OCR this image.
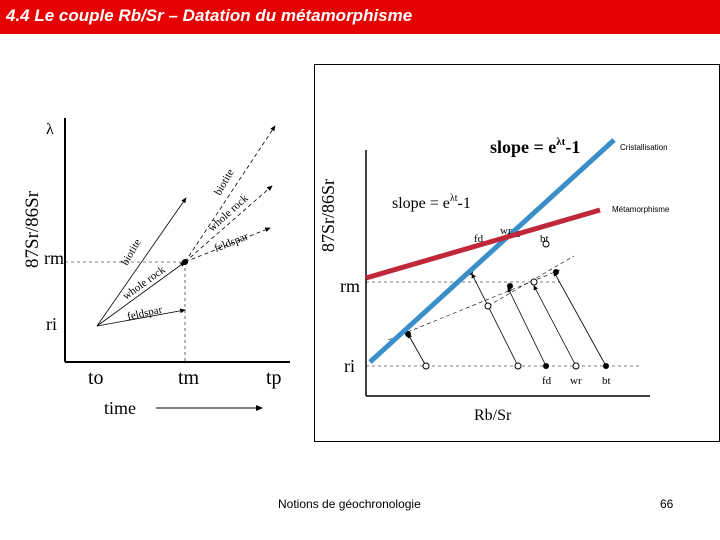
4.4 Le couple Rb/Sr – Datation du métamorphisme
87Sr/86Sr
λ
rm
ri
to	tm	tp
time
biotite
whole rock
feldspar
biotite
whole rock
feldspar	87Sr/86Sr
Rb/Sr
rm
ri
slope = $e^{\lambda t}-1$
slope = $e^{\lambda t}-1$
Cristallisation
Métamorphisme
fd
wr
bt
fd wr bt
Notions de géochronologie	66
